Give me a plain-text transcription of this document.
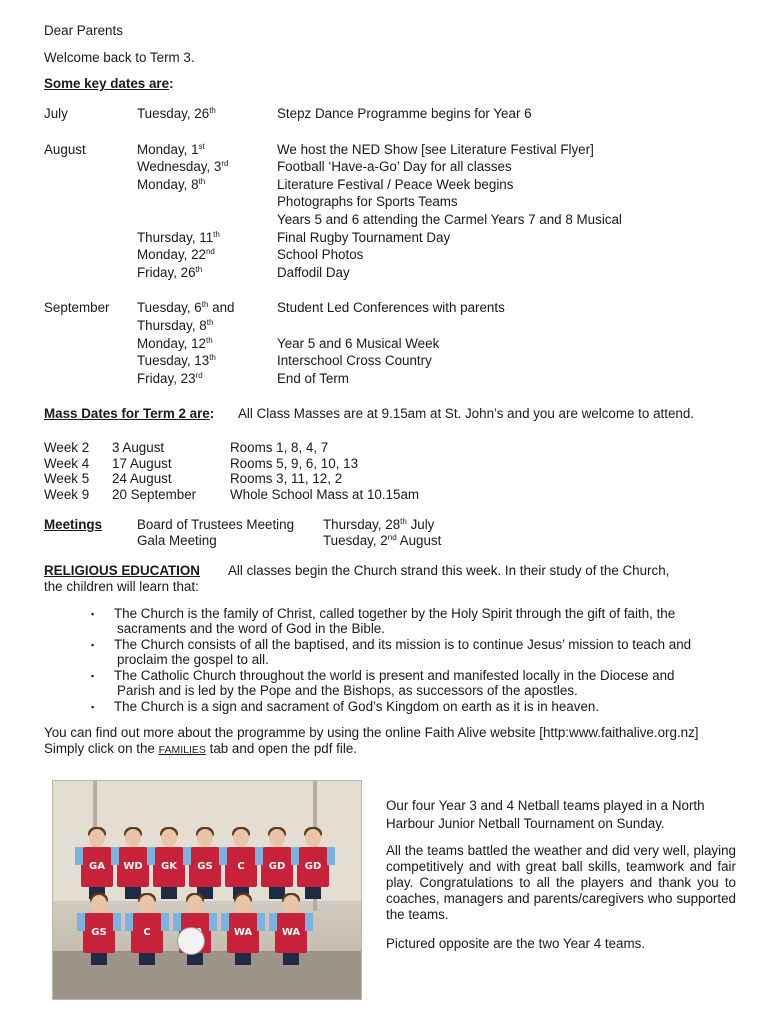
Dear Parents
Welcome back to Term 3.
Some key dates are:
July	Tuesday, 26th	Stepz Dance Programme begins for Year 6
August	Monday, 1st	We host the NED Show [see Literature Festival Flyer]
Wednesday, 3rd	Football ‘Have-a-Go’ Day for all classes
Monday, 8th	Literature Festival / Peace Week begins
Photographs for Sports Teams
Years 5 and 6 attending the Carmel Years 7 and 8 Musical
Thursday, 11th	Final Rugby Tournament Day
Monday, 22nd	School Photos
Friday, 26th	Daffodil Day
September Tuesday, 6th and	Student Led Conferences with parents
Thursday, 8th
Monday, 12th	Year 5 and 6 Musical Week
Tuesday, 13th	Interschool Cross Country
Friday, 23rd	End of Term
Mass Dates for Term 2 are: All Class Masses are at 9.15am at St. John’s and you are welcome to attend.
Week 2 3 August	Rooms 1, 8, 4, 7
Week 4 17 August	Rooms 5, 9, 6, 10, 13
Week 5 24 August	Rooms 3, 11, 12, 2
Week 9 20 September	Whole School Mass at 10.15am
Meetings	Board of Trustees Meeting Thursday, 28th July
Gala Meeting	Tuesday, 2nd August
RELIGIOUS EDUCATION All classes begin the Church strand this week. In their study of the Church,
the children will learn that:
▪ The Church is the family of Christ, called together by the Holy Spirit through the gift of faith, the
sacraments and the word of God in the Bible.
▪ The Church consists of all the baptised, and its mission is to continue Jesus’ mission to teach and
proclaim the gospel to all.
▪ The Catholic Church throughout the world is present and manifested locally in the Diocese and
Parish and is led by the Pope and the Bishops, as successors of the apostles.
▪ The Church is a sign and sacrament of God’s Kingdom on earth as it is in heaven.
You can find out more about the programme by using the online Faith Alive website [http:www.faithalive.org.nz]
Simply click on the FAMILIES tab and open the pdf file.
GA	WD	GK	GS	C	GD	GD
GS	C	WA	WA
Our four Year 3 and 4 Netball teams played in a North Harbour Junior Netball Tournament on Sunday.
All the teams battled the weather and did very well, playing competitively and with great ball skills, teamwork and fair play. Congratulations to all the players and thank you to coaches, managers and parents/caregivers who supported the teams.
Pictured opposite are the two Year 4 teams.
